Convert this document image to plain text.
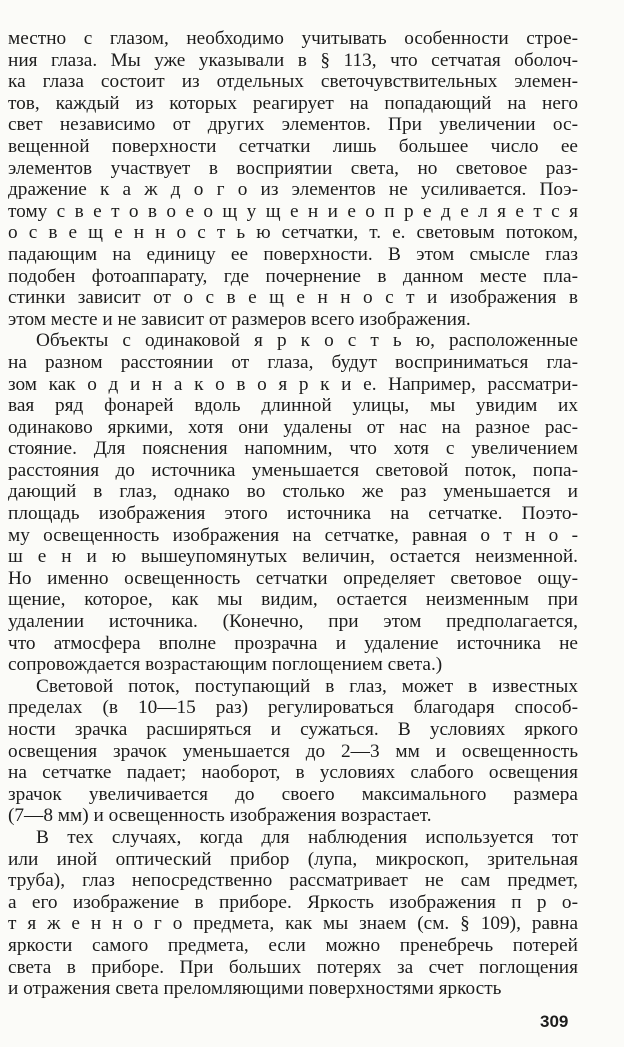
местно с глазом, необходимо учитывать особенности строе-
ния глаза. Мы уже указывали в § 113, что сетчатая оболоч-
ка глаза состоит из отдельных светочувствительных элемен-
тов, каждый из которых реагирует на попадающий на него
свет независимо от других элементов. При увеличении ос-
вещенной поверхности сетчатки лишь большее число ее
элементов участвует в восприятии света, но световое раз-
дражение к а ж д о г о из элементов не усиливается. Поэ-
тому с в е т о в о е о щ у щ е н и е о п р е д е л я е т с я
о с в е щ е н н о с т ь ю сетчатки, т. е. световым потоком,
падающим на единицу ее поверхности. В этом смысле глаз
подобен фотоаппарату, где почернение в данном месте пла-
стинки зависит от о с в е щ е н н о с т и изображения в
этом месте и не зависит от размеров всего изображения.
Объекты с одинаковой я р к о с т ь ю, расположенные
на разном расстоянии от глаза, будут восприниматься гла-
зом как о д и н а к о в о я р к и е. Например, рассматри-
вая ряд фонарей вдоль длинной улицы, мы увидим их
одинаково яркими, хотя они удалены от нас на разное рас-
стояние. Для пояснения напомним, что хотя с увеличением
расстояния до источника уменьшается световой поток, попа-
дающий в глаз, однако во столько же раз уменьшается и
площадь изображения этого источника на сетчатке. Поэто-
му освещенность изображения на сетчатке, равная о т н о -
ш е н и ю вышеупомянутых величин, остается неизменной.
Но именно освещенность сетчатки определяет световое ощу-
щение, которое, как мы видим, остается неизменным при
удалении источника. (Конечно, при этом предполагается,
что атмосфера вполне прозрачна и удаление источника не
сопровождается возрастающим поглощением света.)
Световой поток, поступающий в глаз, может в известных
пределах (в 10—15 раз) регулироваться благодаря способ-
ности зрачка расширяться и сужаться. В условиях яркого
освещения зрачок уменьшается до 2—3 мм и освещенность
на сетчатке падает; наоборот, в условиях слабого освещения
зрачок увеличивается до своего максимального размера
(7—8 мм) и освещенность изображения возрастает.
В тех случаях, когда для наблюдения используется тот
или иной оптический прибор (лупа, микроскоп, зрительная
труба), глаз непосредственно рассматривает не сам предмет,
а его изображение в приборе. Яркость изображения п р о-
т я ж е н н о г о предмета, как мы знаем (см. § 109), равна
яркости самого предмета, если можно пренебречь потерей
света в приборе. При больших потерях за счет поглощения
и отражения света преломляющими поверхностями яркость
309
